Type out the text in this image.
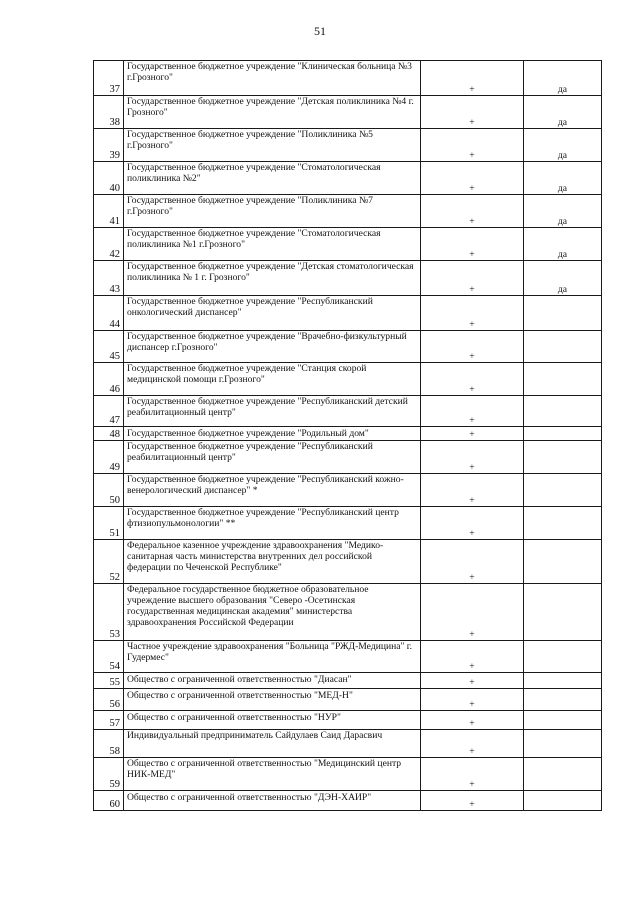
51
37	Государственное бюджетное учреждение "Клиническая больница №3 г.Грозного"	+	да
38	Государственное бюджетное учреждение "Детская поликлиника №4 г. Грозного"	+	да
39	Государственное бюджетное учреждение "Поликлиника №5 г.Грозного"	+	да
40	Государственное бюджетное учреждение "Стоматологическая поликлиника №2"	+	да
41	Государственное бюджетное учреждение "Поликлиника №7 г.Грозного"	+	да
42	Государственное бюджетное учреждение "Стоматологическая поликлиника №1 г.Грозного"	+	да
43	Государственное бюджетное учреждение "Детская стоматологическая поликлиника № 1 г. Грозного"	+	да
44	Государственное бюджетное учреждение "Республиканский онкологический диспансер"	+	
45	Государственное бюджетное учреждение "Врачебно-физкультурный диспансер г.Грозного"	+	
46	Государственное бюджетное учреждение "Станция скорой медицинской помощи г.Грозного"	+	
47	Государственное бюджетное учреждение "Республиканский детский реабилитационный центр"	+	
48	Государственное бюджетное учреждение "Родильный дом"	+	
49	Государственное бюджетное учреждение "Республиканский реабилитационный центр"	+	
50	Государственное бюджетное учреждение "Республиканский кожно-венерологический диспансер" *	+	
51	Государственное бюджетное учреждение "Республиканский центр фтизиопульмонологии" **	+	
52	Федеральное казенное учреждение здравоохранения "Медико-санитарная часть министерства внутренних дел российской федерации по Чеченской Республике"	+	
53	Федеральное государственное бюджетное образовательное учреждение высшего образования "Северо -Осетинская государственная медицинская академия" министерства здравоохранения Российской Федерации	+	
54	Частное учреждение здравоохранения "Больница "РЖД-Медицина" г. Гудермес"	+	
55	Общество с ограниченной ответственностью "Диасан"	+	
56	Общество с ограниченной ответственностью "МЕД-Н"	+	
57	Общество с ограниченной ответственностью "НУР"	+	
58	Индивидуальный предприниматель Сайдулаев Саид Дарасвич	+	
59	Общество с ограниченной ответственностью "Медицинский центр НИК-МЕД"	+	
60	Общество с ограниченной ответственностью "ДЭН-ХАИР"	+	
